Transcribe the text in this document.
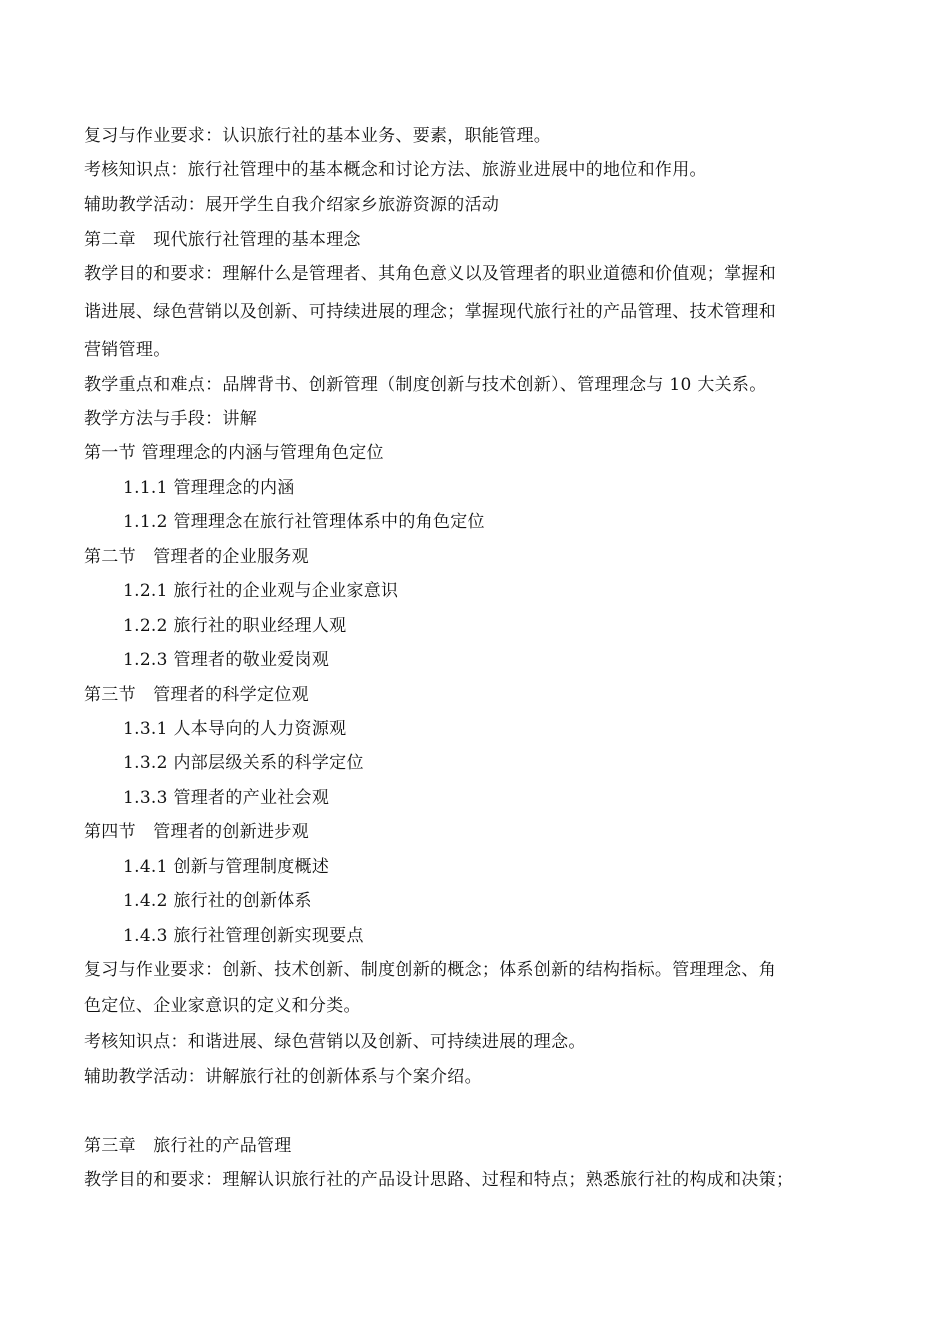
复习与作业要求：认识旅行社的基本业务、要素，职能管理。
考核知识点：旅行社管理中的基本概念和讨论方法、旅游业进展中的地位和作用。
辅助教学活动：展开学生自我介绍家乡旅游资源的活动
第二章　现代旅行社管理的基本理念
教学目的和要求：理解什么是管理者、其角色意义以及管理者的职业道德和价值观；掌握和
谐进展、绿色营销以及创新、可持续进展的理念；掌握现代旅行社的产品管理、技术管理和
营销管理。
教学重点和难点：品牌背书、创新管理（制度创新与技术创新）、管理理念与 10 大关系。
教学方法与手段：讲解
第一节 管理理念的内涵与管理角色定位
1.1.1 管理理念的内涵
1.1.2 管理理念在旅行社管理体系中的角色定位
第二节　管理者的企业服务观
1.2.1 旅行社的企业观与企业家意识
1.2.2 旅行社的职业经理人观
1.2.3 管理者的敬业爱岗观
第三节　管理者的科学定位观
1.3.1 人本导向的人力资源观
1.3.2 内部层级关系的科学定位
1.3.3 管理者的产业社会观
第四节　管理者的创新进步观
1.4.1 创新与管理制度概述
1.4.2 旅行社的创新体系
1.4.3 旅行社管理创新实现要点
复习与作业要求：创新、技术创新、制度创新的概念；体系创新的结构指标。管理理念、角
色定位、企业家意识的定义和分类。
考核知识点：和谐进展、绿色营销以及创新、可持续进展的理念。
辅助教学活动：讲解旅行社的创新体系与个案介绍。
第三章　旅行社的产品管理
教学目的和要求：理解认识旅行社的产品设计思路、过程和特点；熟悉旅行社的构成和决策；
